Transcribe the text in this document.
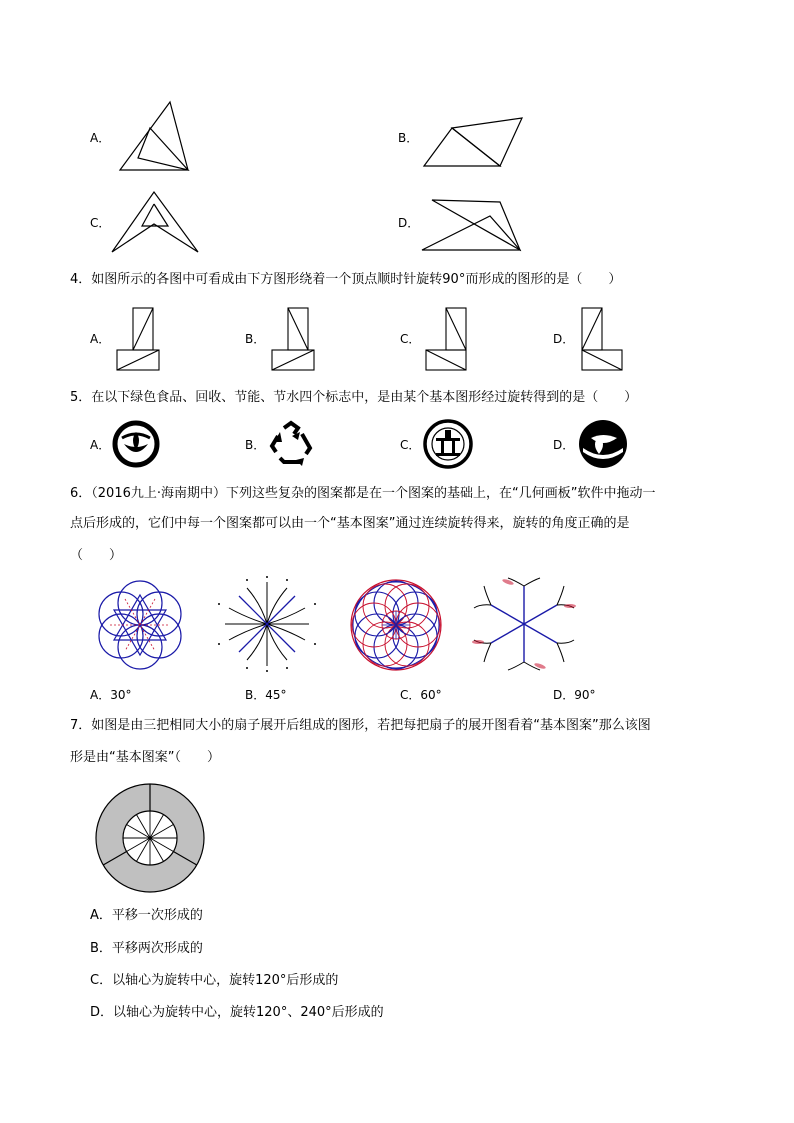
A．	B．
C．	D．
4．如图所示的各图中可看成由下方图形绕着一个顶点顺时针旋转90°而形成的图形的是（　　）
A．	B．	C．	D．
5．在以下绿色食品、回收、节能、节水四个标志中，是由某个基本图形经过旋转得到的是（　　）
A．	B．	C．	D．
6．（2016九上·海南期中）下列这些复杂的图案都是在一个图案的基础上，在“几何画板”软件中拖动一
点后形成的，它们中每一个图案都可以由一个“基本图案”通过连续旋转得来，旋转的角度正确的是
（　　）
A．30°	B．45°	C．60°	D．90°
7．如图是由三把相同大小的扇子展开后组成的图形，若把每把扇子的展开图看着“基本图案”那么该图
形是由“基本图案”（　　）
A．平移一次形成的
B．平移两次形成的
C．以轴心为旋转中心，旋转120°后形成的
D．以轴心为旋转中心，旋转120°、240°后形成的
